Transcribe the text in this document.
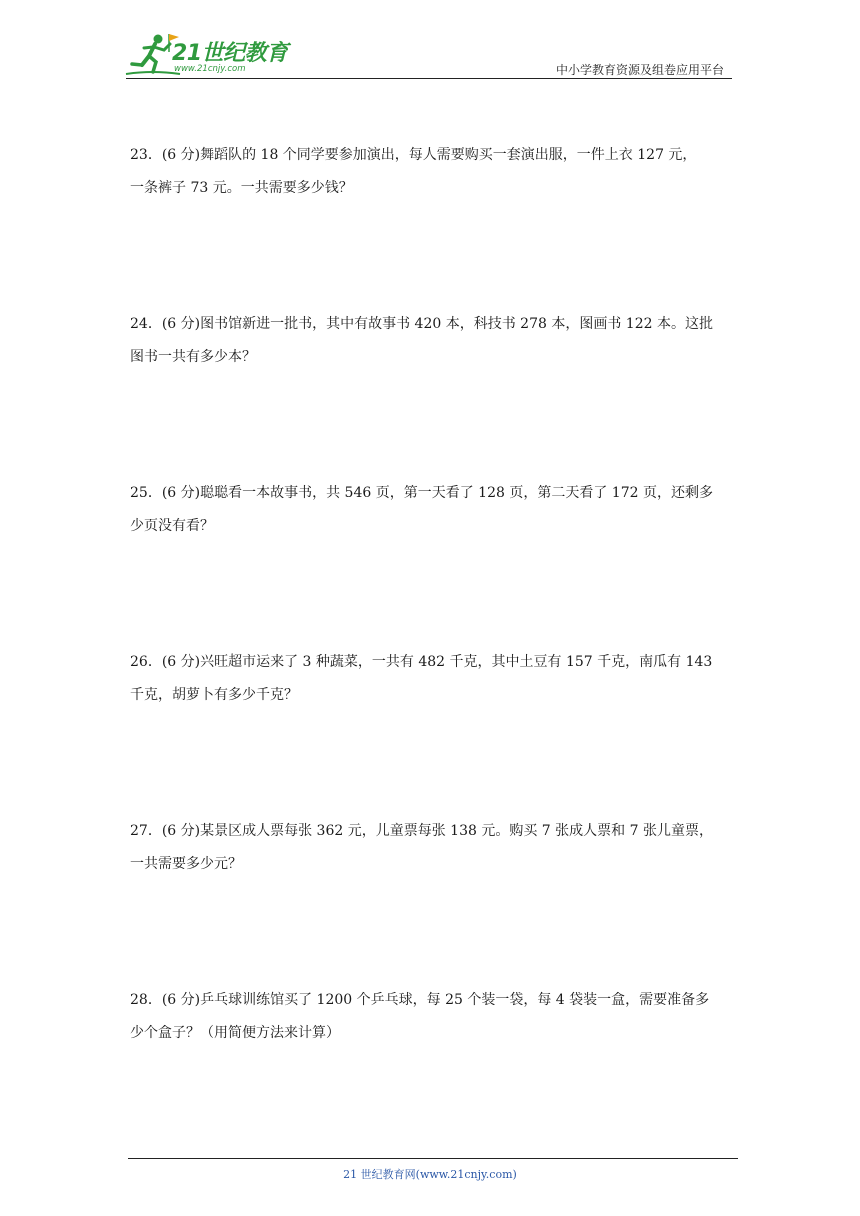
21世纪教育
www.21cnjy.com	中小学教育资源及组卷应用平台
23．(6 分)舞蹈队的 18 个同学要参加演出，每人需要购买一套演出服，一件上衣 127 元，
一条裤子 73 元。一共需要多少钱？
24．(6 分)图书馆新进一批书，其中有故事书 420 本，科技书 278 本，图画书 122 本。这批
图书一共有多少本？
25．(6 分)聪聪看一本故事书，共 546 页，第一天看了 128 页，第二天看了 172 页，还剩多
少页没有看？
26．(6 分)兴旺超市运来了 3 种蔬菜，一共有 482 千克，其中土豆有 157 千克，南瓜有 143
千克，胡萝卜有多少千克？
27．(6 分)某景区成人票每张 362 元，儿童票每张 138 元。购买 7 张成人票和 7 张儿童票，
一共需要多少元？
28．(6 分)乒乓球训练馆买了 1200 个乒乓球，每 25 个装一袋，每 4 袋装一盒，需要准备多
少个盒子？（用简便方法来计算）
21 世纪教育网(www.21cnjy.com)
